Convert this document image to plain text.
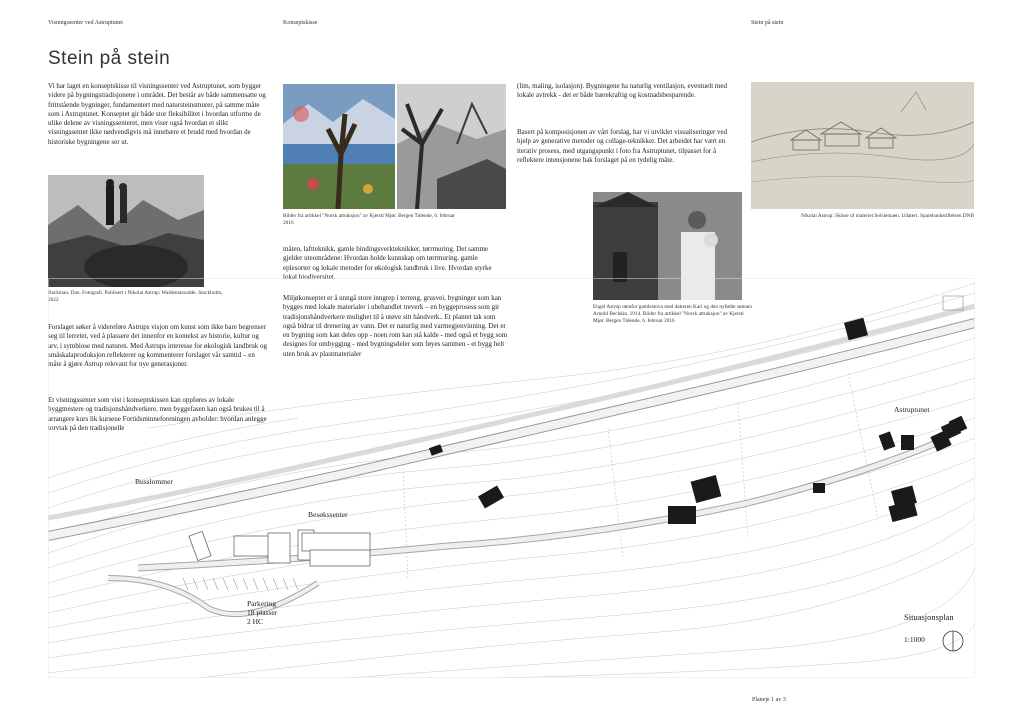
Visningssenter ved Astruptunet	Konseptskisse	Stein på stein
Stein på stein
Vi har laget en konseptskisse til visningssenter ved Astruptunet, som bygger videre på bygningstradisjonene i området. Det består av både sammensatte og frittstående bygninger, fundamentert med natursteinsmurer, på samme måte som i Astruptunet. Konseptet gir både stor fleksibilitet i hvordan utforme de ulike delene av visningssenteret, men viser også hvordan et slikt visningssenter ikke nødvendigvis må innebære et brudd med hvordan de historiske bygningene ser ut.
Backman, Dan. Fotografi. Publisert i Nikolai Astrup: Waldemarsudde, Stockholm, 2022
Forslaget søker å videreføre Astrups visjon om kunst som ikke bare begrenser seg til lerretet, ved å plassere det innenfor en kontekst av historie, kultur og arv, i symbiose med naturen. Med Astrups interesse for økologisk landbruk og småskalaproduksjon reflekterer og kommenterer forslaget vår samtid – en måte å gjøre Astrup relevant for nye generasjoner.
Et visningssenter som vist i konseptskissen kan oppføres av lokale byggmestere og tradisjonshåndverkere, men byggefasen kan også brukes til å arrangere kurs lik kursene Fortidsminneforeningen avholder: hvordan anlegge torvtak på den tradisjonelle
Bilder fra artikkel "Norsk attraksjon" av Kjersti Mjør. Bergen Tidende, 6. februar 2016
måten, laftteknikk, gamle bindingsverkteknikker, tørrmuring. Det samme gjelder uteområdene: Hvordan holde kunnskap om tørrmuring, gamle eplesorter og lokale metoder for økologisk landbruk i live. Hvordan styrke lokal biodiversitet.
Miljøkonseptet er å unngå store inngrep i terreng, grusvei, bygninger som kan bygges med lokale materialer i ubehandlet treverk – en byggeprosess som gir tradisjonshåndverkere mulighet til å utøve sitt håndverk.. Et plantet tak som også bidrar til drenering av vann. Det er naturlig med varmegjenvinning. Det er en bygning som kan deles opp - noen rom kan stå kalde - med også et bygg som designes for ombygging - med bygningsdeler som føyes sammen - et bygg helt uten bruk av plastmaterialer
(lim, maling, isolasjon). Bygningene ha naturlig ventilasjon, eventuelt med lokale avtrekk - det er både bærekraftig og kostnadsbesparende.
Basert på komposisjonen av vårt forslag, har vi utviklet visualiseringer ved hjelp av generative metoder og collage-teknikker. Det arbeidet har vært en iterativ prosess, med utgangspunkt i foto fra Astruptunet, tilpasset for å reflektere intensjonene bak forslaget på en tydelig måte.
Engel Astrup utenfor gamlestova med datteren Kari og den nyfødte sønnen Arnold Beckkin. 1914. Bilder fra artikkel "Norsk attraksjon" av Kjersti Mjør. Bergen Tidende, 6. februar 2016
Nikolai Astrup: Skisse til maleriet Solsiemaen. Udatert. Sparebankstiftelsen DNB
Busslommer
Besøkssenter
Parkering
18 plasser
2 HC
Astruptunet
Situasjonsplan
1:1000
Planeje 1 av 3
